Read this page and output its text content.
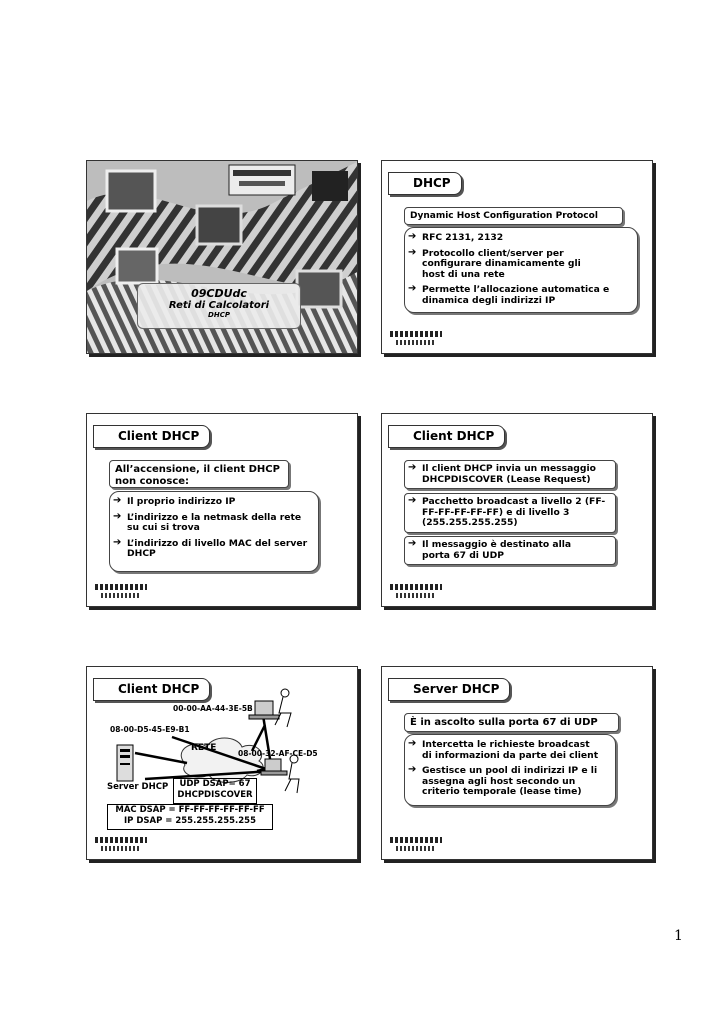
09CDUdc
Reti di Calcolatori
DHCP
DHCP
Dynamic Host Configuration Protocol
➔ RFC 2131, 2132
➔ Protocollo client/server per configurare dinamicamente gli host di una rete
➔ Permette l’allocazione automatica e dinamica degli indirizzi IP
Client DHCP
All’accensione, il client DHCP non conosce:
➔ Il proprio indirizzo IP
➔ L’indirizzo e la netmask della rete su cui si trova
➔ L’indirizzo di livello MAC del server DHCP
Client DHCP
➔ Il client DHCP invia un messaggio DHCPDISCOVER (Lease Request)
➔ Pacchetto broadcast a livello 2 (FF-FF-FF-FF-FF-FF) e di livello 3 (255.255.255.255)
➔ Il messaggio è destinato alla porta 67 di UDP
Client DHCP
00-00-AA-44-3E-5B
08-00-D5-45-E9-B1
RETE
08-00-32-AF-CE-D5
Server DHCP	UDP DSAP= 67
DHCPDISCOVER
MAC DSAP = FF-FF-FF-FF-FF-FF
IP DSAP = 255.255.255.255
Server DHCP
È in ascolto sulla porta 67 di UDP
➔ Intercetta le richieste broadcast di informazioni da parte dei client
➔ Gestisce un pool di indirizzi IP e li assegna agli host secondo un criterio temporale (lease time)
1
